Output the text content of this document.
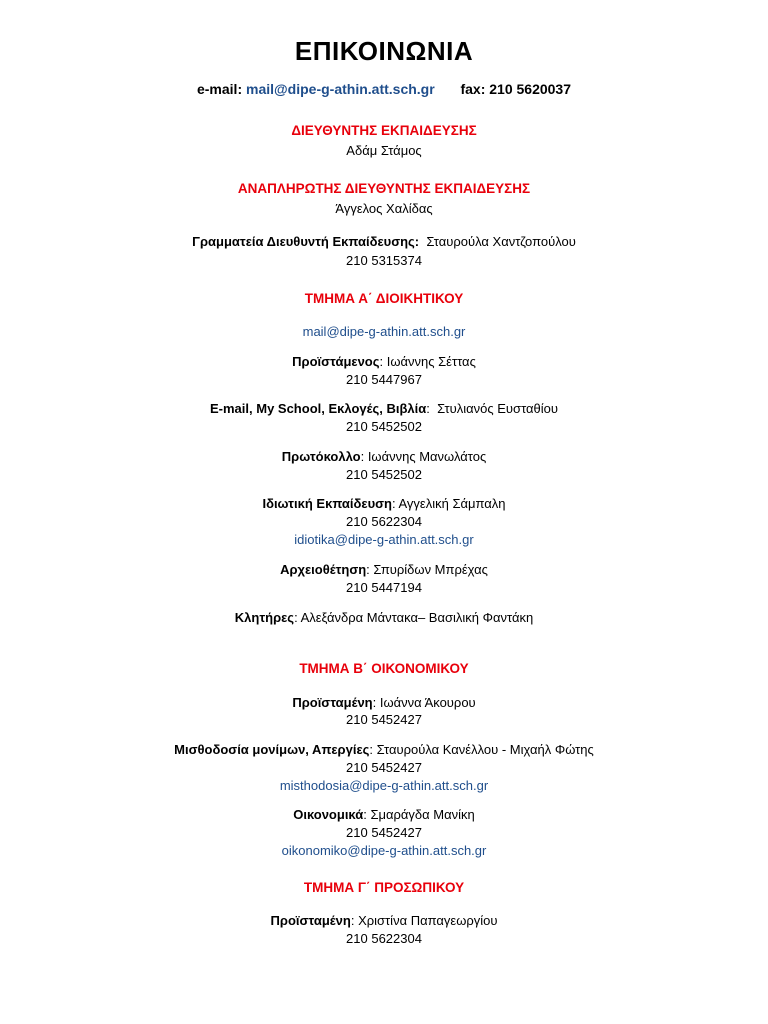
ΕΠΙΚΟΙΝΩΝΙΑ
e-mail: mail@dipe-g-athin.att.sch.gr fax: 210 5620037
ΔΙΕΥΘΥΝΤΗΣ ΕΚΠΑΙΔΕΥΣΗΣ
Αδάμ Στάμος
ΑΝΑΠΛΗΡΩΤΗΣ ΔΙΕΥΘΥΝΤΗΣ ΕΚΠΑΙΔΕΥΣΗΣ
Άγγελος Χαλίδας
Γραμματεία Διευθυντή Εκπαίδευσης: Σταυρούλα Χαντζοπούλου
210 5315374
ΤΜΗΜΑ Α΄ ΔΙΟΙΚΗΤΙΚΟΥ
mail@dipe-g-athin.att.sch.gr
Προϊστάμενος: Ιωάννης Σέττας
210 5447967
E-mail, My School, Εκλογές, Βιβλία:  Στυλιανός Ευσταθίου
210 5452502
Πρωτόκολλο: Ιωάννης Μανωλάτος
210 5452502
Ιδιωτική Εκπαίδευση: Αγγελική Σάμπαλη
210 5622304
idiotika@dipe-g-athin.att.sch.gr
Αρχειοθέτηση: Σπυρίδων Μπρέχας
210 5447194
Κλητήρες: Αλεξάνδρα Μάντακα– Βασιλική Φαντάκη
ΤΜΗΜΑ Β΄ ΟΙΚΟΝΟΜΙΚΟΥ
Προϊσταμένη: Ιωάννα Άκουρου
210 5452427
Μισθοδοσία μονίμων, Απεργίες: Σταυρούλα Κανέλλου - Μιχαήλ Φώτης
210 5452427
misthodosia@dipe-g-athin.att.sch.gr
Οικονομικά: Σμαράγδα Μανίκη
210 5452427
oikonomiko@dipe-g-athin.att.sch.gr
ΤΜΗΜΑ Γ΄ ΠΡΟΣΩΠΙΚΟΥ
Προϊσταμένη: Χριστίνα Παπαγεωργίου
210 5622304
